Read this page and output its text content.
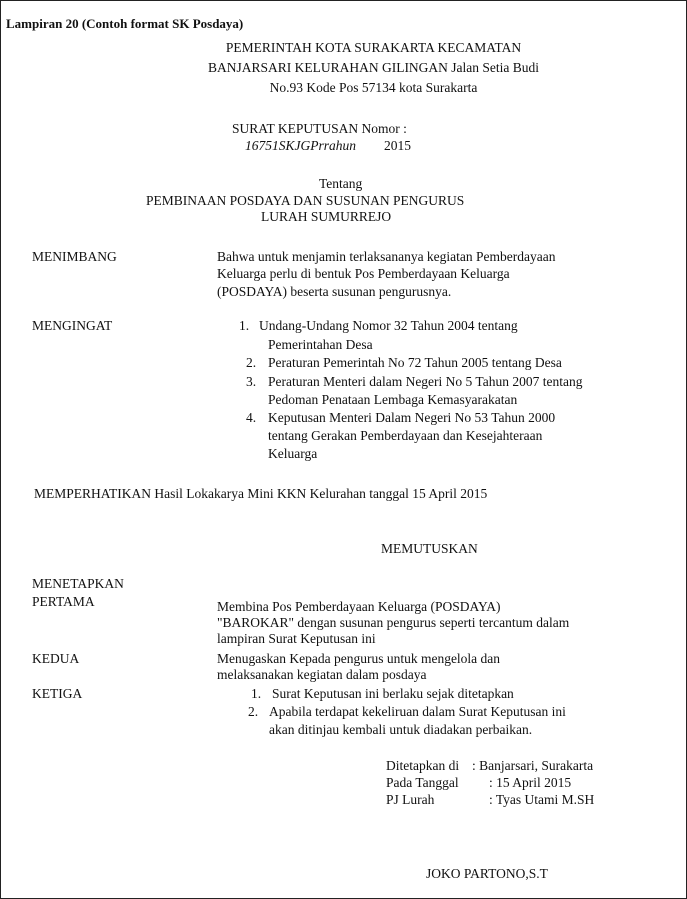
Lampiran 20 (Contoh format SK Posdaya)
PEMERINTAH KOTA SURAKARTA KECAMATAN
BANJARSARI KELURAHAN GILINGAN Jalan Setia Budi
No.93 Kode Pos 57134 kota Surakarta
SURAT KEPUTUSAN Nomor :
16751SKJGPrrahun 2015
Tentang
PEMBINAAN POSDAYA DAN SUSUNAN PENGURUS
LURAH SUMURREJO
MENIMBANG	Bahwa untuk menjamin terlaksananya kegiatan Pemberdayaan
Keluarga perlu di bentuk Pos Pemberdayaan Keluarga
(POSDAYA) beserta susunan pengurusnya.
MENGINGAT	1. Undang-Undang Nomor 32 Tahun 2004 tentang
Pemerintahan Desa
2. Peraturan Pemerintah No 72 Tahun 2005 tentang Desa
3. Peraturan Menteri dalam Negeri No 5 Tahun 2007 tentang
Pedoman Penataan Lembaga Kemasyarakatan
4. Keputusan Menteri Dalam Negeri No 53 Tahun 2000
tentang Gerakan Pemberdayaan dan Kesejahteraan
Keluarga
MEMPERHATIKAN Hasil Lokakarya Mini KKN Kelurahan tanggal 15 April 2015
MEMUTUSKAN
MENETAPKAN
PERTAMA	Membina Pos Pemberdayaan Keluarga (POSDAYA)
"BAROKAR" dengan susunan pengurus seperti tercantum dalam
lampiran Surat Keputusan ini
KEDUA	Menugaskan Kepada pengurus untuk mengelola dan
melaksanakan kegiatan dalam posdaya
KETIGA	1. Surat Keputusan ini berlaku sejak ditetapkan
2. Apabila terdapat kekeliruan dalam Surat Keputusan ini
akan ditinjau kembali untuk diadakan perbaikan.
Ditetapkan di : Banjarsari, Surakarta
Pada Tanggal : 15 April 2015
PJ Lurah	: Tyas Utami M.SH
JOKO PARTONO,S.T
